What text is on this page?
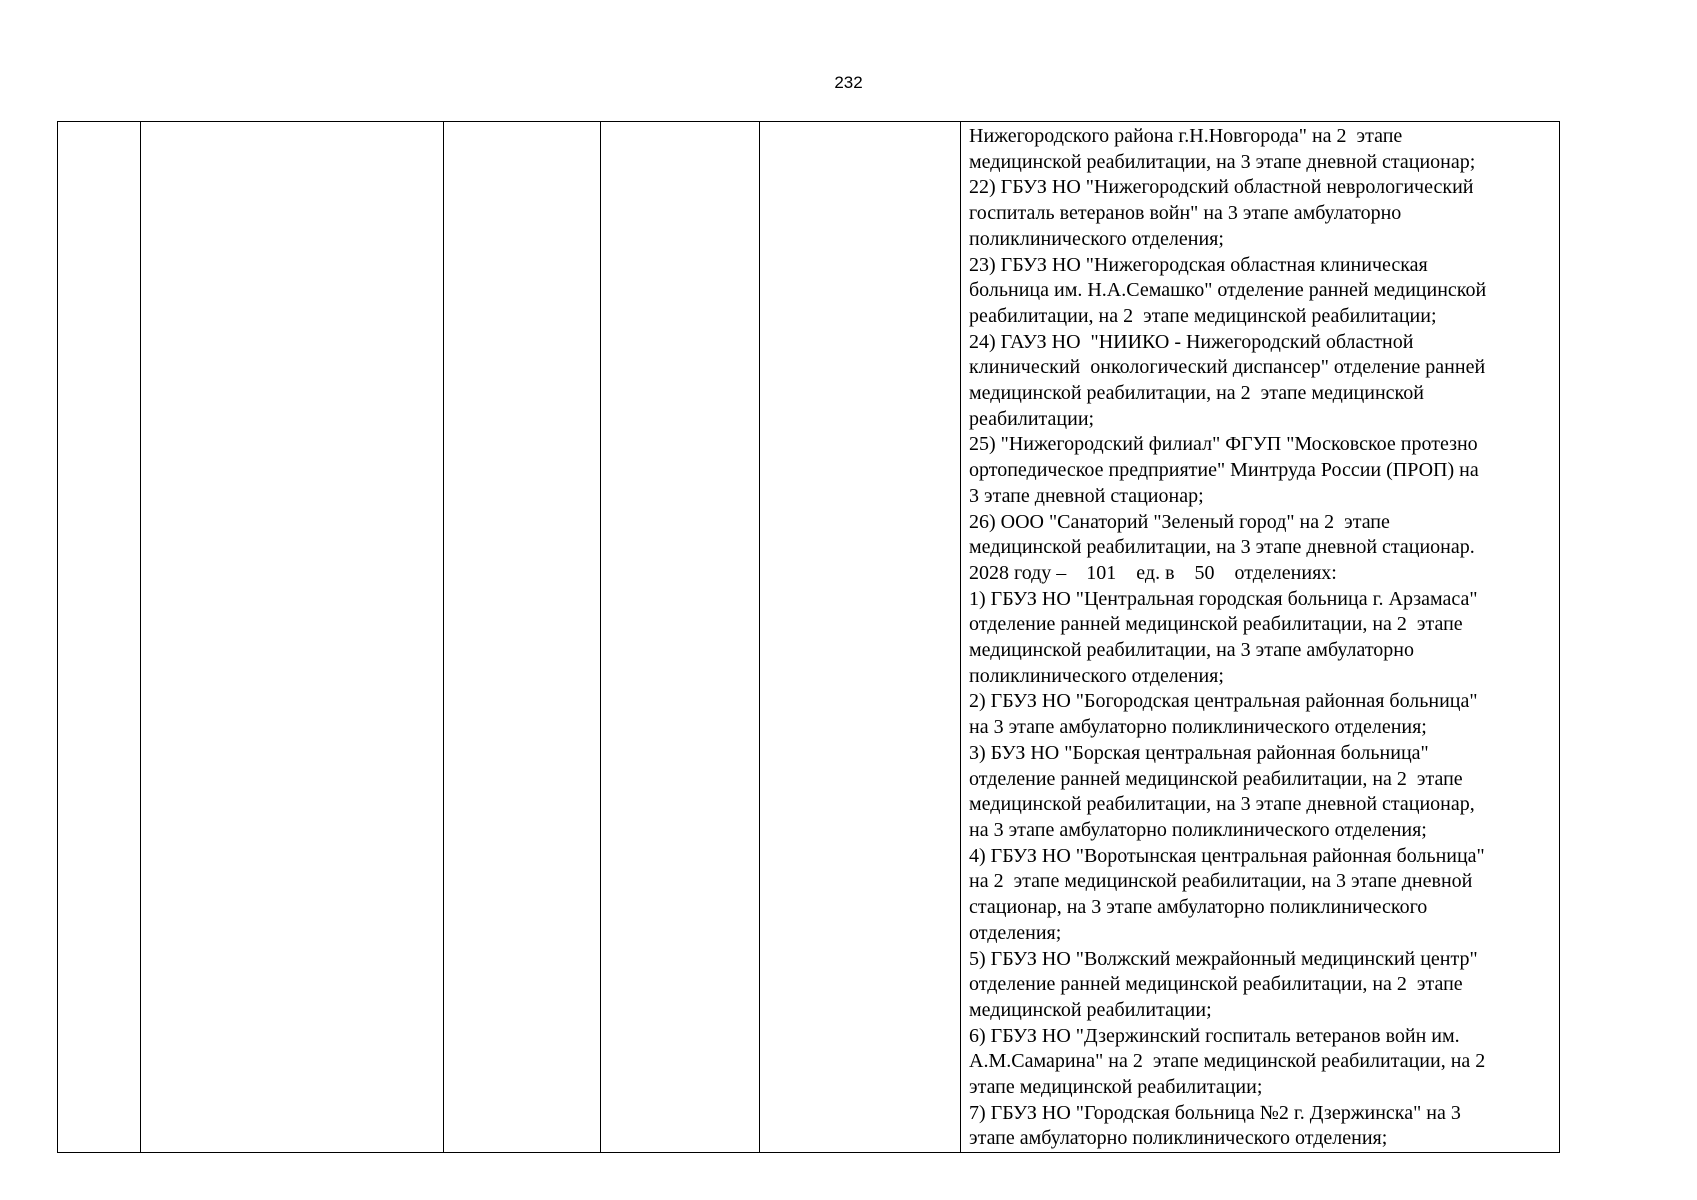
232

Нижегородского района г.Н.Новгорода" на 2  этапе
медицинской реабилитации, на 3 этапе дневной стационар;
22) ГБУЗ НО "Нижегородский областной неврологический
госпиталь ветеранов войн" на 3 этапе амбулаторно
поликлинического отделения;
23) ГБУЗ НО "Нижегородская областная клиническая
больница им. Н.А.Семашко" отделение ранней медицинской
реабилитации, на 2  этапе медицинской реабилитации;
24) ГАУЗ НО  "НИИКО - Нижегородский областной
клинический  онкологический диспансер" отделение ранней
медицинской реабилитации, на 2  этапе медицинской
реабилитации;
25) "Нижегородский филиал" ФГУП "Московское протезно
ортопедическое предприятие" Минтруда России (ПРОП) на
3 этапе дневной стационар;
26) ООО "Санаторий "Зеленый город" на 2  этапе
медицинской реабилитации, на 3 этапе дневной стационар.
2028 году –    101    ед. в    50    отделениях:
1) ГБУЗ НО "Центральная городская больница г. Арзамаса"
отделение ранней медицинской реабилитации, на 2  этапе
медицинской реабилитации, на 3 этапе амбулаторно
поликлинического отделения;
2) ГБУЗ НО "Богородская центральная районная больница"
на 3 этапе амбулаторно поликлинического отделения;
3) БУЗ НО "Борская центральная районная больница"
отделение ранней медицинской реабилитации, на 2  этапе
медицинской реабилитации, на 3 этапе дневной стационар,
на 3 этапе амбулаторно поликлинического отделения;
4) ГБУЗ НО "Воротынская центральная районная больница"
на 2  этапе медицинской реабилитации, на 3 этапе дневной
стационар, на 3 этапе амбулаторно поликлинического
отделения;
5) ГБУЗ НО "Волжский межрайонный медицинский центр"
отделение ранней медицинской реабилитации, на 2  этапе
медицинской реабилитации;
6) ГБУЗ НО "Дзержинский госпиталь ветеранов войн им.
А.М.Самарина" на 2  этапе медицинской реабилитации, на 2
этапе медицинской реабилитации;
7) ГБУЗ НО "Городская больница №2 г. Дзержинска" на 3
этапе амбулаторно поликлинического отделения;
